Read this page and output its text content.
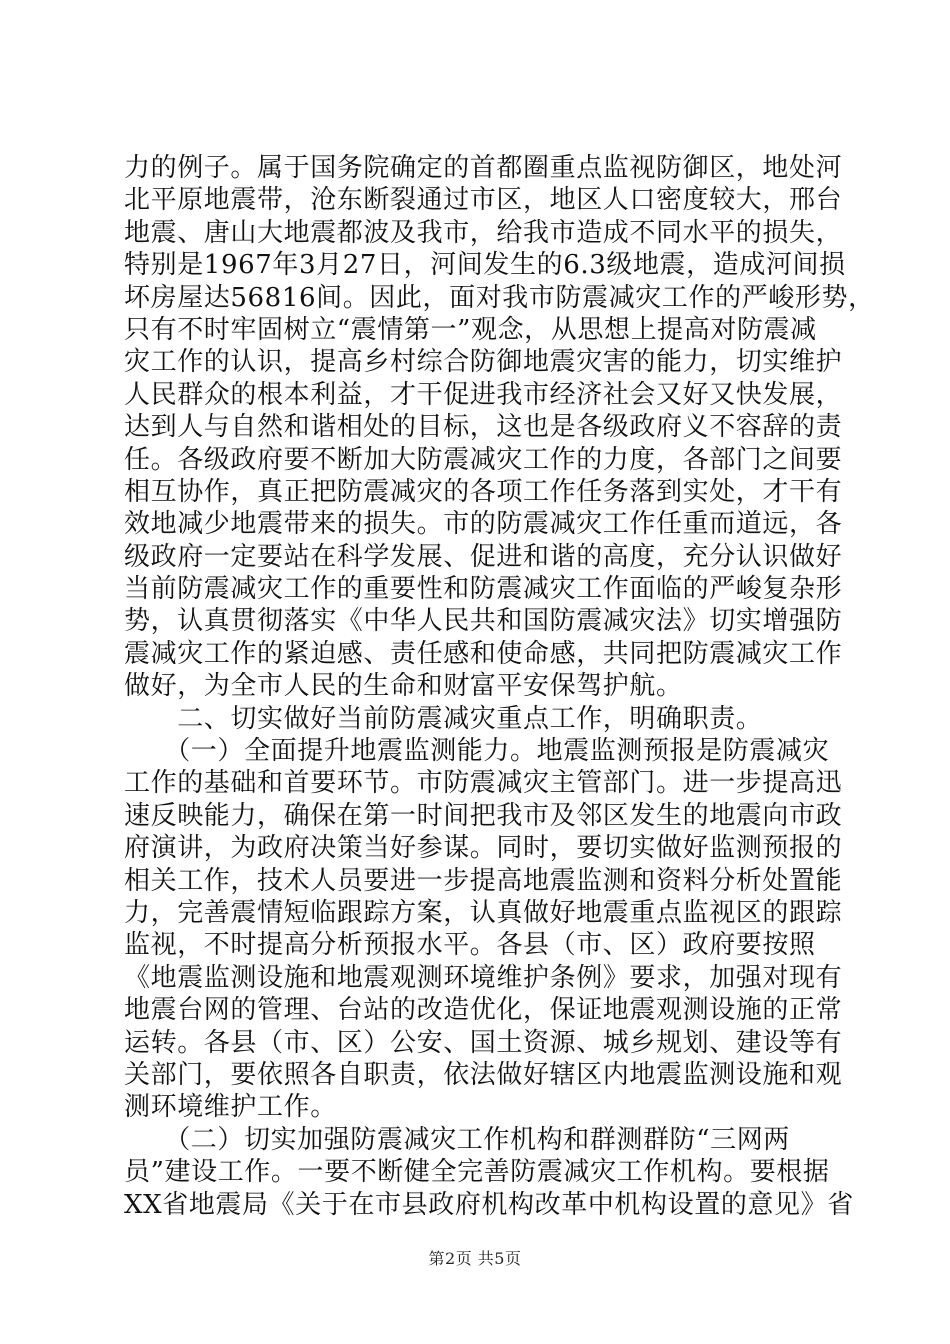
力的例子。属于国务院确定的首都圈重点监视防御区，地处河
北平原地震带，沧东断裂通过市区，地区人口密度较大，邢台
地震、唐山大地震都波及我市，给我市造成不同水平的损失，
特别是1967年3月27日，河间发生的6.3级地震，造成河间损
坏房屋达56816间。因此，面对我市防震减灾工作的严峻形势，
只有不时牢固树立“震情第一”观念，从思想上提高对防震减
灾工作的认识，提高乡村综合防御地震灾害的能力，切实维护
人民群众的根本利益，才干促进我市经济社会又好又快发展，
达到人与自然和谐相处的目标，这也是各级政府义不容辞的责
任。各级政府要不断加大防震减灾工作的力度，各部门之间要
相互协作，真正把防震减灾的各项工作任务落到实处，才干有
效地减少地震带来的损失。市的防震减灾工作任重而道远，各
级政府一定要站在科学发展、促进和谐的高度，充分认识做好
当前防震减灾工作的重要性和防震减灾工作面临的严峻复杂形
势，认真贯彻落实《中华人民共和国防震减灾法》切实增强防
震减灾工作的紧迫感、责任感和使命感，共同把防震减灾工作
做好，为全市人民的生命和财富平安保驾护航。
　　二、切实做好当前防震减灾重点工作，明确职责。
　　（一）全面提升地震监测能力。地震监测预报是防震减灾
工作的基础和首要环节。市防震减灾主管部门。进一步提高迅
速反映能力，确保在第一时间把我市及邻区发生的地震向市政
府演讲，为政府决策当好参谋。同时，要切实做好监测预报的
相关工作，技术人员要进一步提高地震监测和资料分析处置能
力，完善震情短临跟踪方案，认真做好地震重点监视区的跟踪
监视，不时提高分析预报水平。各县（市、区）政府要按照
《地震监测设施和地震观测环境维护条例》要求，加强对现有
地震台网的管理、台站的改造优化，保证地震观测设施的正常
运转。各县（市、区）公安、国土资源、城乡规划、建设等有
关部门，要依照各自职责，依法做好辖区内地震监测设施和观
测环境维护工作。
　　（二）切实加强防震减灾工作机构和群测群防“三网两
员”建设工作。一要不断健全完善防震减灾工作机构。要根据
XX省地震局《关于在市县政府机构改革中机构设置的意见》省
第2页 共5页
